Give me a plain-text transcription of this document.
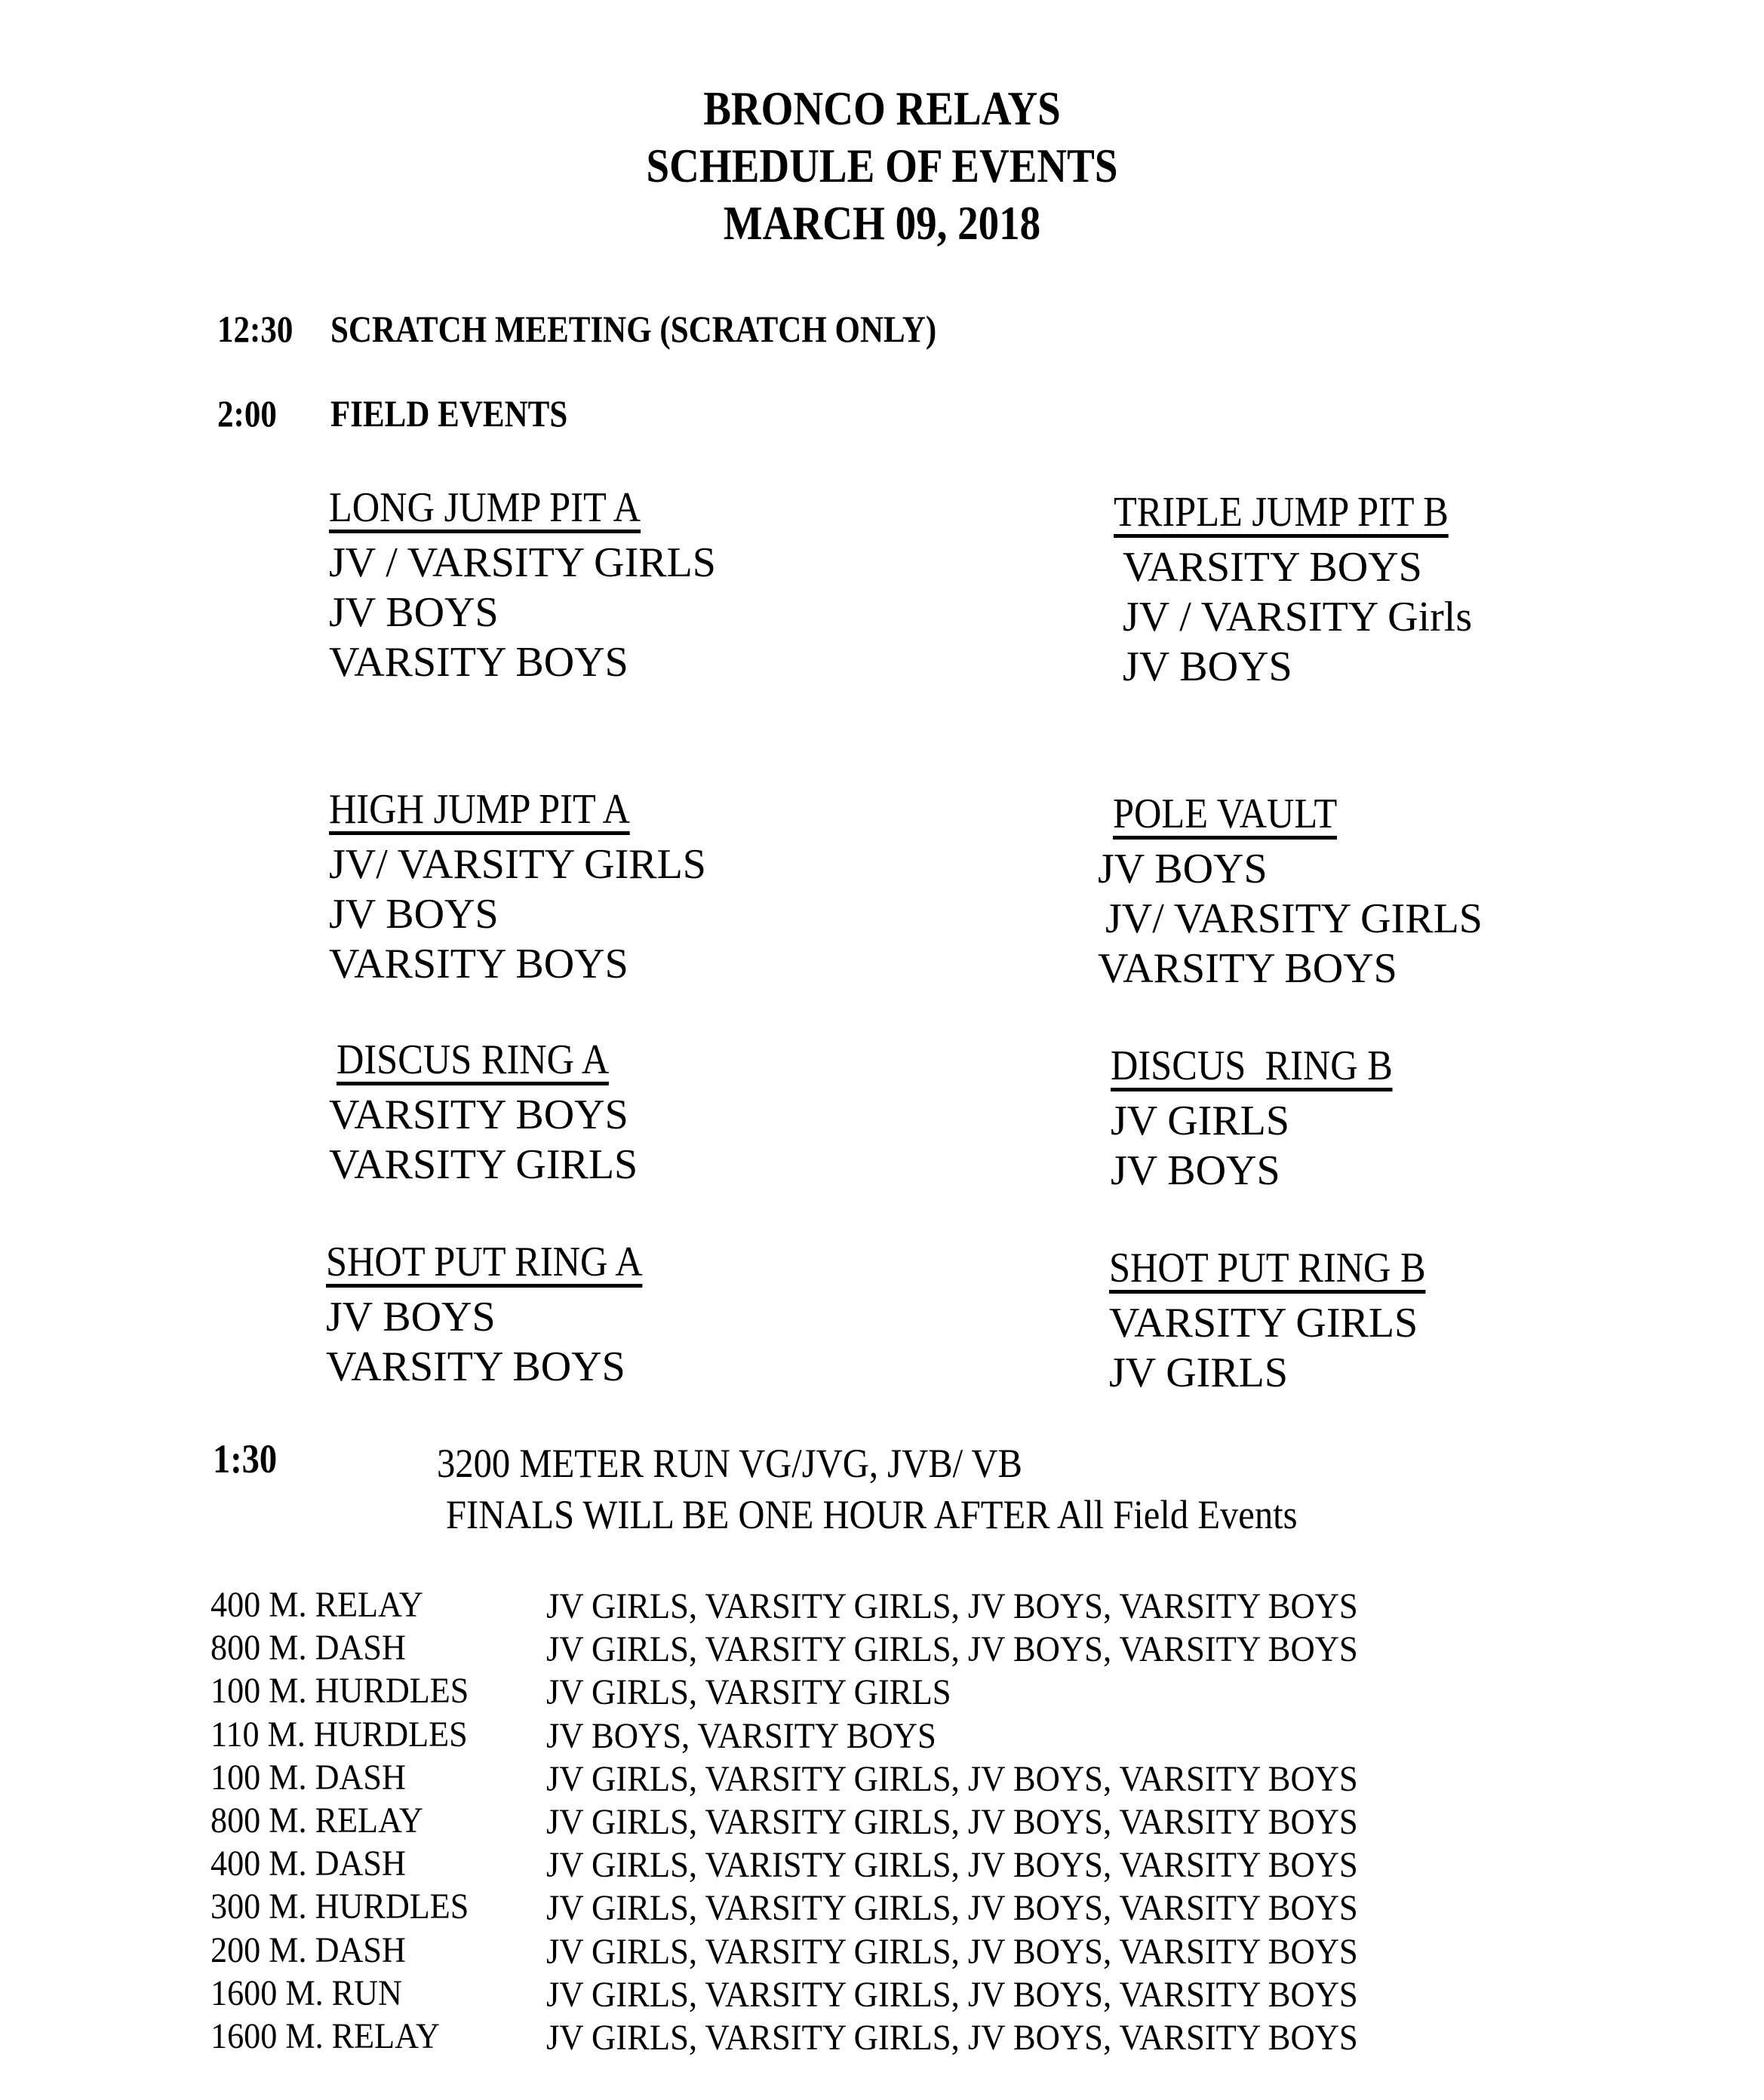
BRONCO RELAYS
SCHEDULE OF EVENTS
MARCH 09, 2018
12:30 SCRATCH MEETING (SCRATCH ONLY)
2:00 FIELD EVENTS
LONG JUMP PIT A
JV / VARSITY GIRLS
JV BOYS
VARSITY BOYS
TRIPLE JUMP PIT B
VARSITY BOYS
JV / VARSITY Girls
JV BOYS
HIGH JUMP PIT A
JV/ VARSITY GIRLS
JV BOYS
VARSITY BOYS
POLE VAULT
JV BOYS
JV/ VARSITY GIRLS
VARSITY BOYS
DISCUS RING A
VARSITY BOYS
VARSITY GIRLS
DISCUS  RING B
JV GIRLS
JV BOYS
SHOT PUT RING A
JV BOYS
VARSITY BOYS
SHOT PUT RING B
VARSITY GIRLS
JV GIRLS
1:30	3200 METER RUN VG/JVG, JVB/ VB
FINALS WILL BE ONE HOUR AFTER All Field Events
400 M. RELAY	JV GIRLS, VARSITY GIRLS, JV BOYS, VARSITY BOYS
800 M. DASH	JV GIRLS, VARSITY GIRLS, JV BOYS, VARSITY BOYS
100 M. HURDLES JV GIRLS, VARSITY GIRLS
110 M. HURDLES JV BOYS, VARSITY BOYS
100 M. DASH	JV GIRLS, VARSITY GIRLS, JV BOYS, VARSITY BOYS
800 M. RELAY	JV GIRLS, VARSITY GIRLS, JV BOYS, VARSITY BOYS
400 M. DASH	JV GIRLS, VARISTY GIRLS, JV BOYS, VARSITY BOYS
300 M. HURDLES JV GIRLS, VARSITY GIRLS, JV BOYS, VARSITY BOYS
200 M. DASH	JV GIRLS, VARSITY GIRLS, JV BOYS, VARSITY BOYS
1600 M. RUN	JV GIRLS, VARSITY GIRLS, JV BOYS, VARSITY BOYS
1600 M. RELAY	JV GIRLS, VARSITY GIRLS, JV BOYS, VARSITY BOYS
